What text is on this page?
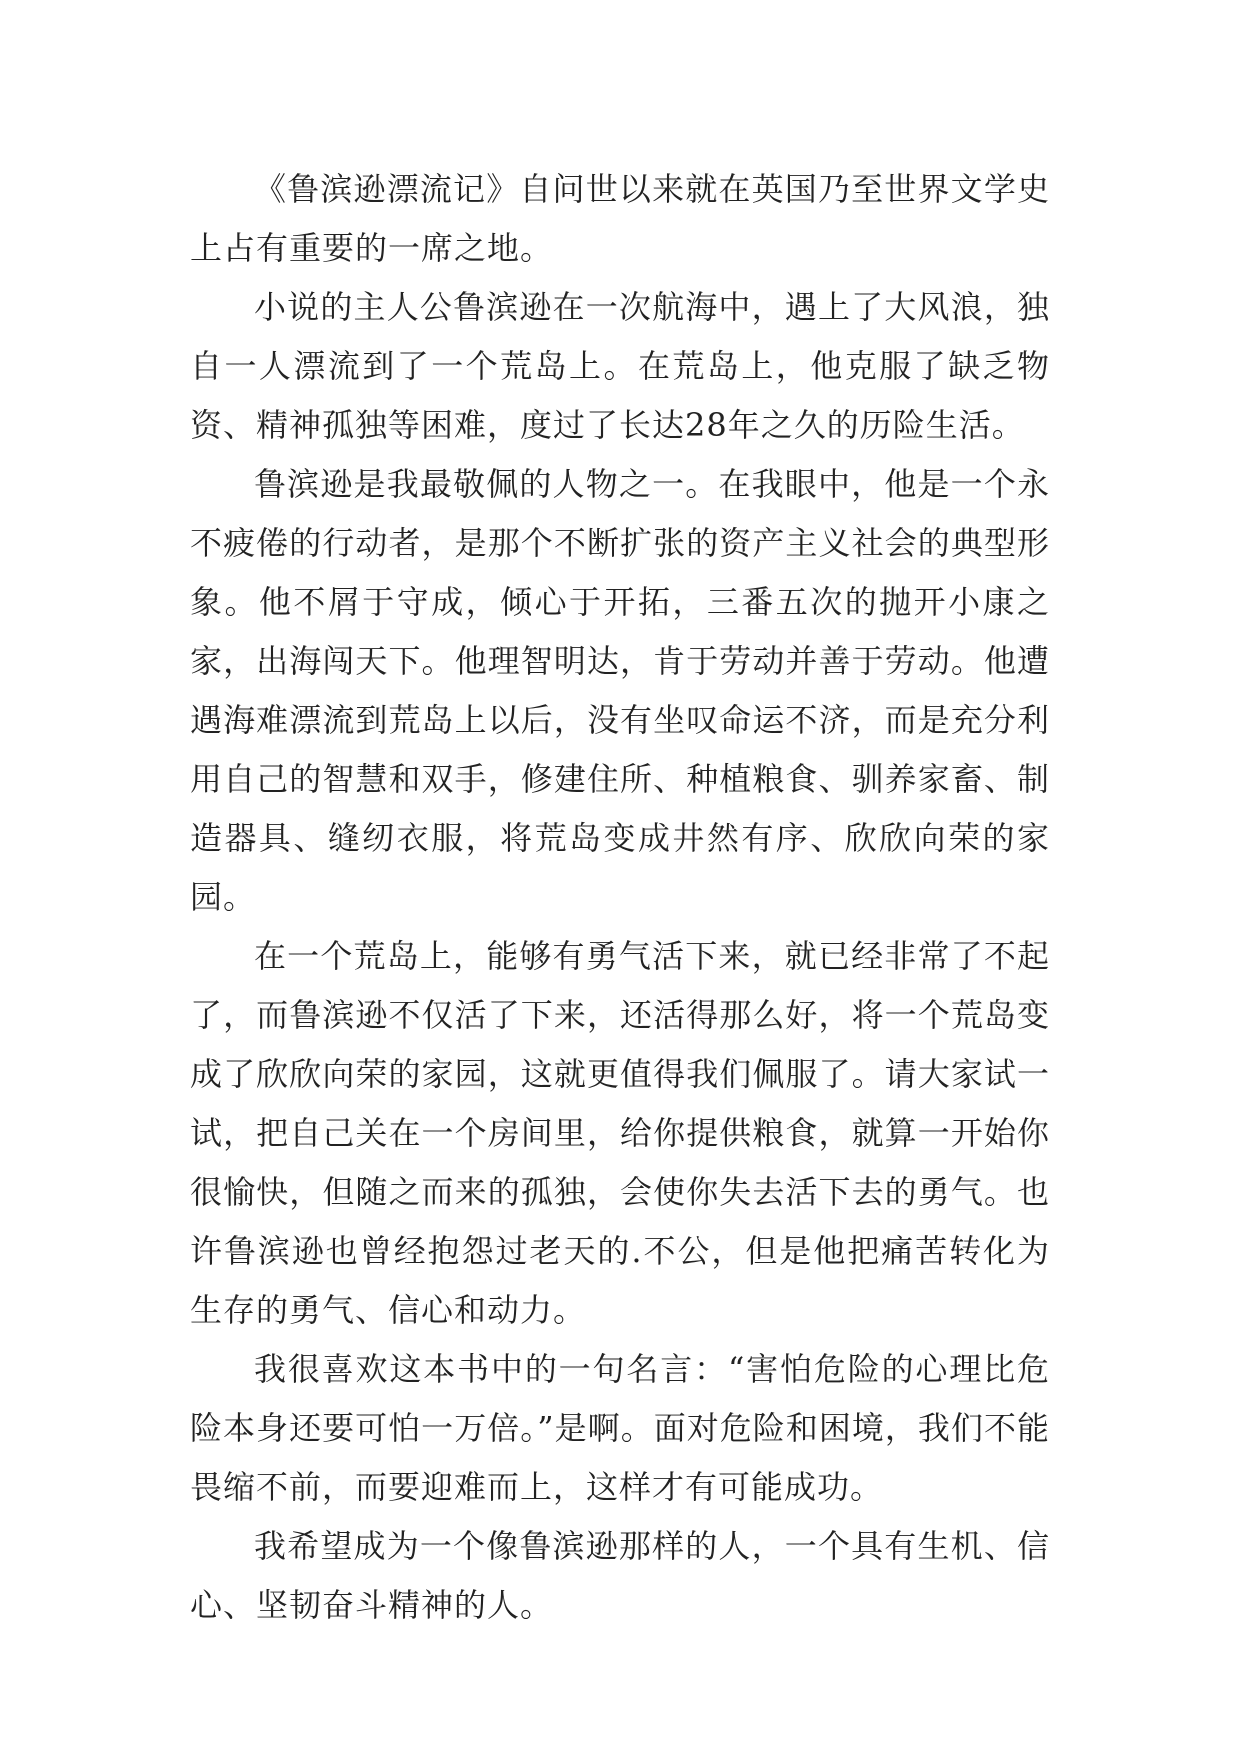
《鲁滨逊漂流记》自问世以来就在英国乃至世界文学史上占有重要的一席之地。

小说的主人公鲁滨逊在一次航海中，遇上了大风浪，独自一人漂流到了一个荒岛上。在荒岛上，他克服了缺乏物资、精神孤独等困难，度过了长达28年之久的历险生活。

鲁滨逊是我最敬佩的人物之一。在我眼中，他是一个永不疲倦的行动者，是那个不断扩张的资产主义社会的典型形象。他不屑于守成，倾心于开拓，三番五次的抛开小康之家，出海闯天下。他理智明达，肯于劳动并善于劳动。他遭遇海难漂流到荒岛上以后，没有坐叹命运不济，而是充分利用自己的智慧和双手，修建住所、种植粮食、驯养家畜、制造器具、缝纫衣服，将荒岛变成井然有序、欣欣向荣的家园。

在一个荒岛上，能够有勇气活下来，就已经非常了不起了，而鲁滨逊不仅活了下来，还活得那么好，将一个荒岛变成了欣欣向荣的家园，这就更值得我们佩服了。请大家试一试，把自己关在一个房间里，给你提供粮食，就算一开始你很愉快，但随之而来的孤独，会使你失去活下去的勇气。也许鲁滨逊也曾经抱怨过老天的.不公，但是他把痛苦转化为生存的勇气、信心和动力。

我很喜欢这本书中的一句名言：“害怕危险的心理比危险本身还要可怕一万倍。”是啊。面对危险和困境，我们不能畏缩不前，而要迎难而上，这样才有可能成功。

我希望成为一个像鲁滨逊那样的人，一个具有生机、信心、坚韧奋斗精神的人。
